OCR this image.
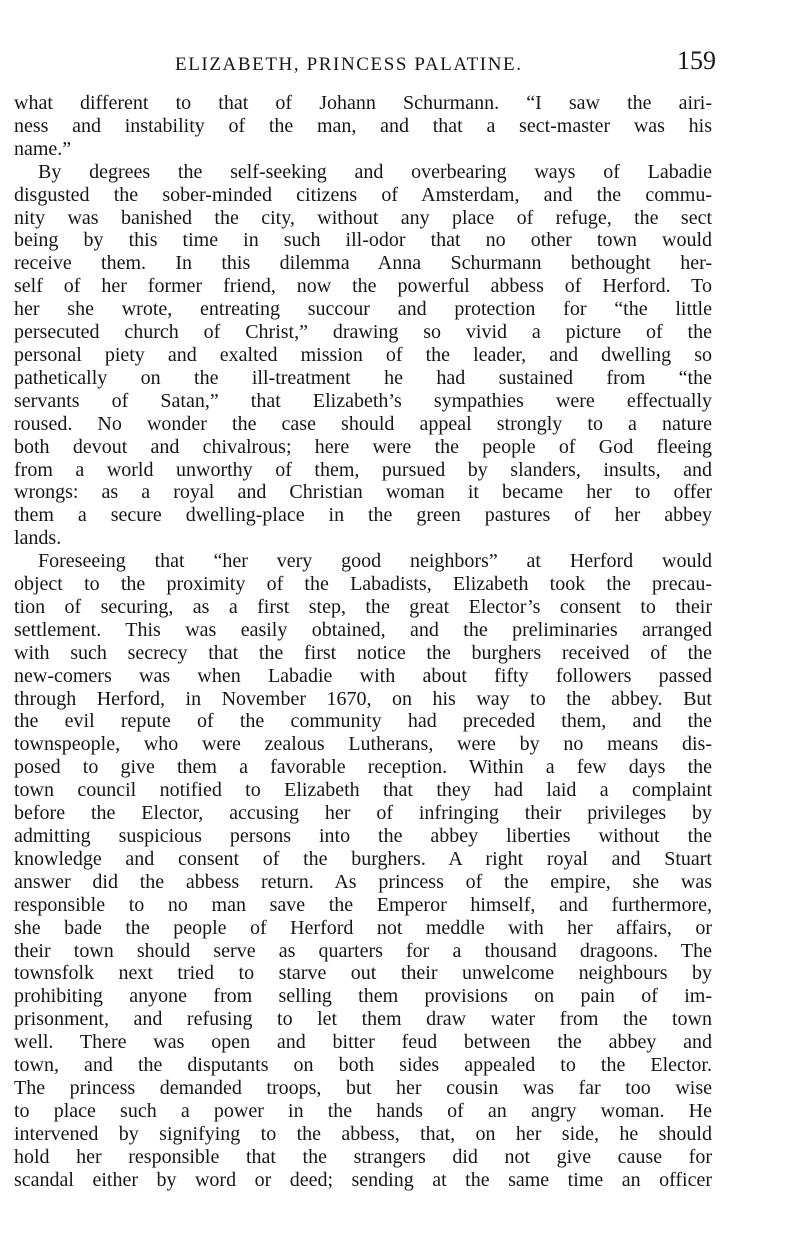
ELIZABETH, PRINCESS PALATINE.	159
what different to that of Johann Schurmann. “I saw the airi-
ness and instability of the man, and that a sect-master was his
name.”
By degrees the self-seeking and overbearing ways of Labadie
disgusted the sober-minded citizens of Amsterdam, and the commu-
nity was banished the city, without any place of refuge, the sect
being by this time in such ill-odor that no other town would
receive them. In this dilemma Anna Schurmann bethought her-
self of her former friend, now the powerful abbess of Herford. To
her she wrote, entreating succour and protection for “the little
persecuted church of Christ,” drawing so vivid a picture of the
personal piety and exalted mission of the leader, and dwelling so
pathetically on the ill-treatment he had sustained from “the
servants of Satan,” that Elizabeth’s sympathies were effectually
roused. No wonder the case should appeal strongly to a nature
both devout and chivalrous; here were the people of God fleeing
from a world unworthy of them, pursued by slanders, insults, and
wrongs: as a royal and Christian woman it became her to offer
them a secure dwelling-place in the green pastures of her abbey
lands.
Foreseeing that “her very good neighbors” at Herford would
object to the proximity of the Labadists, Elizabeth took the precau-
tion of securing, as a first step, the great Elector’s consent to their
settlement. This was easily obtained, and the preliminaries arranged
with such secrecy that the first notice the burghers received of the
new-comers was when Labadie with about fifty followers passed
through Herford, in November 1670, on his way to the abbey. But
the evil repute of the community had preceded them, and the
townspeople, who were zealous Lutherans, were by no means dis-
posed to give them a favorable reception. Within a few days the
town council notified to Elizabeth that they had laid a complaint
before the Elector, accusing her of infringing their privileges by
admitting suspicious persons into the abbey liberties without the
knowledge and consent of the burghers. A right royal and Stuart
answer did the abbess return. As princess of the empire, she was
responsible to no man save the Emperor himself, and furthermore,
she bade the people of Herford not meddle with her affairs, or
their town should serve as quarters for a thousand dragoons. The
townsfolk next tried to starve out their unwelcome neighbours by
prohibiting anyone from selling them provisions on pain of im-
prisonment, and refusing to let them draw water from the town
well. There was open and bitter feud between the abbey and
town, and the disputants on both sides appealed to the Elector.
The princess demanded troops, but her cousin was far too wise
to place such a power in the hands of an angry woman. He
intervened by signifying to the abbess, that, on her side, he should
hold her responsible that the strangers did not give cause for
scandal either by word or deed; sending at the same time an officer
